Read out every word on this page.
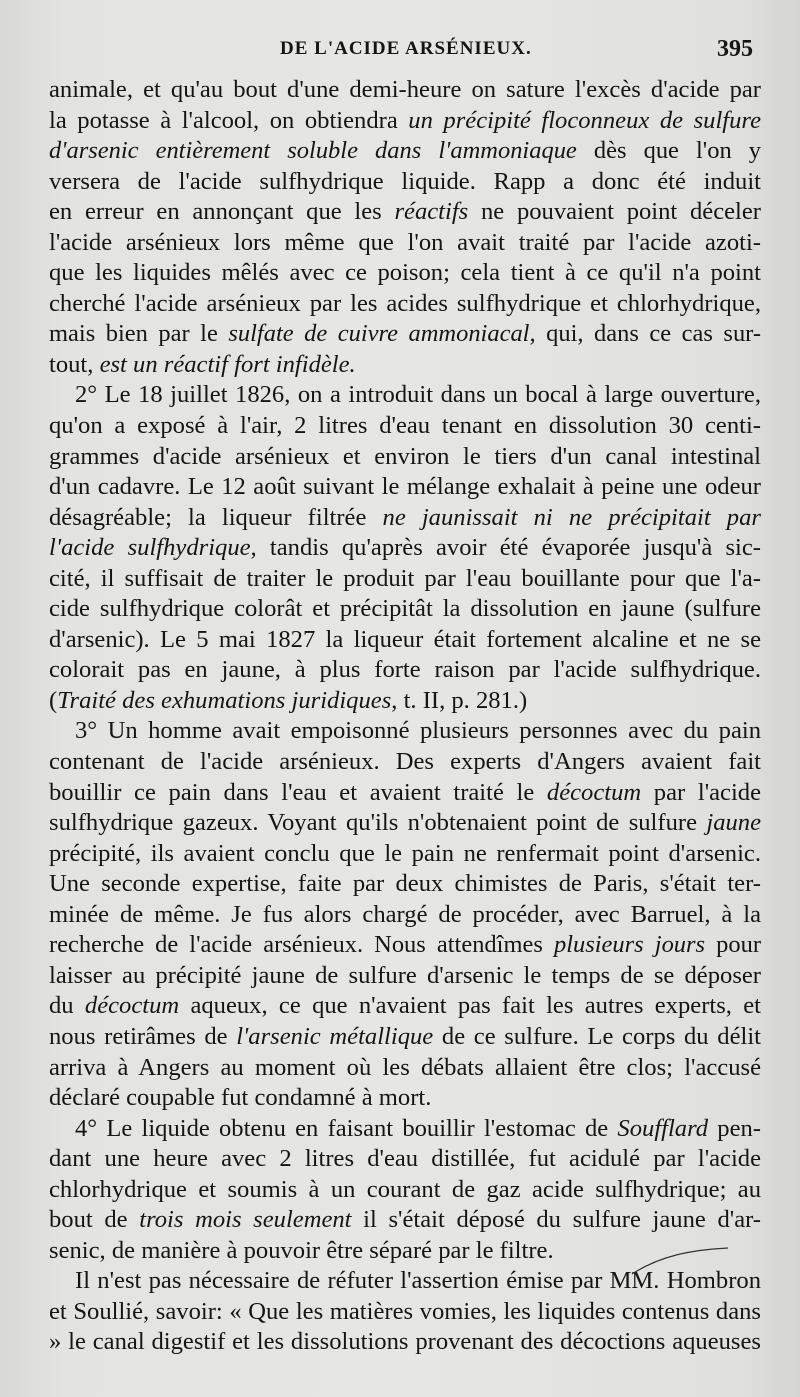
DE L'ACIDE ARSÉNIEUX.	395
animale, et qu'au bout d'une demi-heure on sature l'excès d'acide par
la potasse à l'alcool, on obtiendra un précipité floconneux de sulfure
d'arsenic entièrement soluble dans l'ammoniaque dès que l'on y
versera de l'acide sulfhydrique liquide. Rapp a donc été induit
en erreur en annonçant que les réactifs ne pouvaient point déceler
l'acide arsénieux lors même que l'on avait traité par l'acide azoti-
que les liquides mêlés avec ce poison; cela tient à ce qu'il n'a point
cherché l'acide arsénieux par les acides sulfhydrique et chlorhydrique,
mais bien par le sulfate de cuivre ammoniacal, qui, dans ce cas sur-
tout, est un réactif fort infidèle.
2° Le 18 juillet 1826, on a introduit dans un bocal à large ouverture,
qu'on a exposé à l'air, 2 litres d'eau tenant en dissolution 30 centi-
grammes d'acide arsénieux et environ le tiers d'un canal intestinal
d'un cadavre. Le 12 août suivant le mélange exhalait à peine une odeur
désagréable; la liqueur filtrée ne jaunissait ni ne précipitait par
l'acide sulfhydrique, tandis qu'après avoir été évaporée jusqu'à sic-
cité, il suffisait de traiter le produit par l'eau bouillante pour que l'a-
cide sulfhydrique colorât et précipitât la dissolution en jaune (sulfure
d'arsenic). Le 5 mai 1827 la liqueur était fortement alcaline et ne se
colorait pas en jaune, à plus forte raison par l'acide sulfhydrique.
(Traité des exhumations juridiques, t. II, p. 281.)
3° Un homme avait empoisonné plusieurs personnes avec du pain
contenant de l'acide arsénieux. Des experts d'Angers avaient fait
bouillir ce pain dans l'eau et avaient traité le décoctum par l'acide
sulfhydrique gazeux. Voyant qu'ils n'obtenaient point de sulfure jaune
précipité, ils avaient conclu que le pain ne renfermait point d'arsenic.
Une seconde expertise, faite par deux chimistes de Paris, s'était ter-
minée de même. Je fus alors chargé de procéder, avec Barruel, à la
recherche de l'acide arsénieux. Nous attendîmes plusieurs jours pour
laisser au précipité jaune de sulfure d'arsenic le temps de se déposer
du décoctum aqueux, ce que n'avaient pas fait les autres experts, et
nous retirâmes de l'arsenic métallique de ce sulfure. Le corps du délit
arriva à Angers au moment où les débats allaient être clos; l'accusé
déclaré coupable fut condamné à mort.
4° Le liquide obtenu en faisant bouillir l'estomac de Soufflard pen-
dant une heure avec 2 litres d'eau distillée, fut acidulé par l'acide
chlorhydrique et soumis à un courant de gaz acide sulfhydrique; au
bout de trois mois seulement il s'était déposé du sulfure jaune d'ar-
senic, de manière à pouvoir être séparé par le filtre.
Il n'est pas nécessaire de réfuter l'assertion émise par MM. Hombron
et Soullié, savoir: « Que les matières vomies, les liquides contenus dans
» le canal digestif et les dissolutions provenant des décoctions aqueuses
